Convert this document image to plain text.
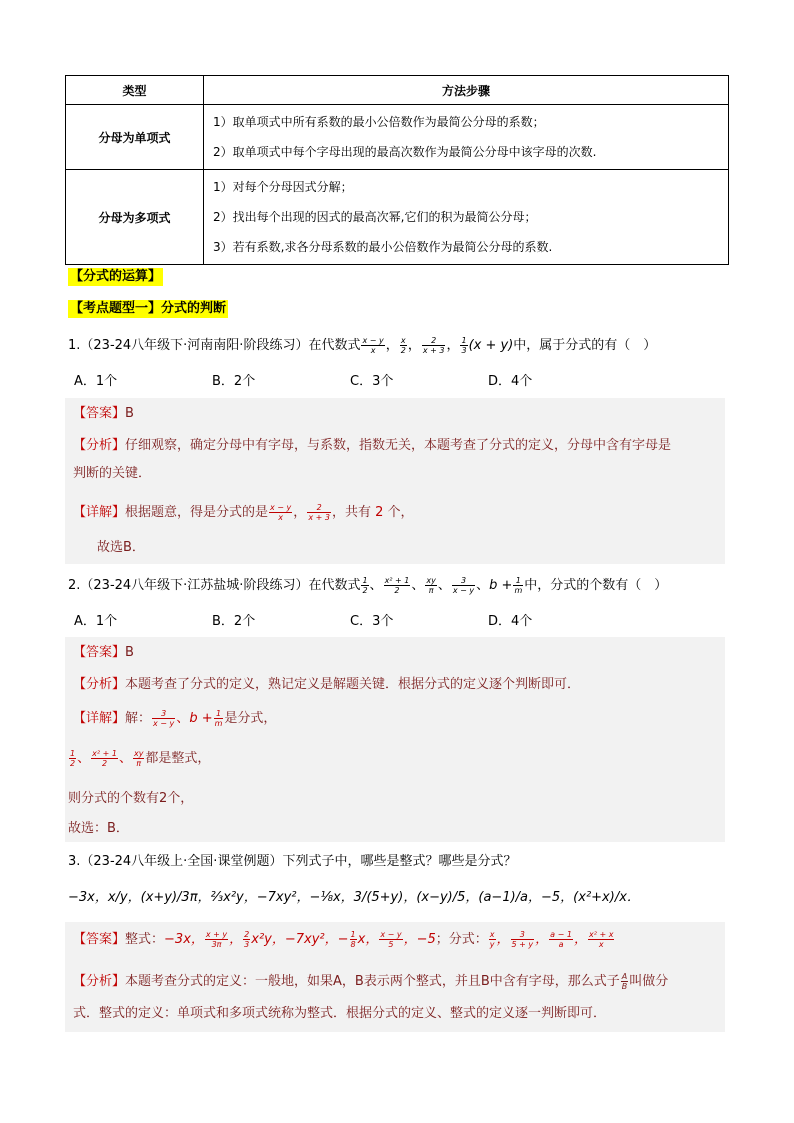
类型	方法步骤
分母为单项式	1）取单项式中所有系数的最小公倍数作为最简公分母的系数；
2）取单项式中每个字母出现的最高次数作为最简公分母中该字母的次数.

分母为多项式	1）对每个分母因式分解；
2）找出每个出现的因式的最高次幂,它们的积为最简公分母；
3）若有系数,求各分母系数的最小公倍数作为最简公分母的系数.
【分式的运算】
【考点题型一】分式的判断
1.（23-24八年级下·河南南阳·阶段练习）在代数式 $\frac{x - y}{x}$ ， $\frac{x}{2}$ ， $\frac{2}{x + 3}$ ， $\frac{1}{3} (x + y)$中，属于分式的有（　）
A．1个	B．2个	C．3个	D．4个
【答案】B
【分析】仔细观察，确定分母中有字母，与系数，指数无关，本题考查了分式的定义，分母中含有字母是
判断的关键．
【详解】根据题意，得是分式的是 $\frac{x - y}{x}$ ， $\frac{2}{x + 3}$ ，共有 2 个，
故选B．
2.（23-24八年级下·江苏盐城·阶段练习）在代数式 $\frac{1}{2}$ 、 $\frac{\text{x² + 1}}{2}$ 、 $\frac{xy}{\pi}$ 、 $\frac{3}{x - y}$ 、$b + \frac{1}{m}$ 中，分式的个数有（　）
A．1个	B．2个	C．3个	D．4个
【答案】B
【分析】本题考查了分式的定义，熟记定义是解题关键．根据分式的定义逐个判断即可．
【详解】解： $\frac{3}{x - y}$ 、$b + \frac{1}{m}$ 是分式，
$\frac{1}{2}$ 、 $\frac{\text{x² + 1}}{2}$ 、 $\frac{xy}{\pi}$ 都是整式，
则分式的个数有2个，
故选：B．
3.（23-24八年级上·全国·课堂例题）下列式子中，哪些是整式？哪些是分式？
−3x，x/y，(x+y)/3π，⅔x²y，−7xy²，−⅛x，3/(5+y)，(x−y)/5，(a−1)/a，−5，(x²+x)/x．
【答案】整式：−3x， $\frac{x + y}{3\pi}$ ， $\frac{2}{3} x^2y$，−7xy²，− $\frac{1}{8}$ x， $\frac{x - y}{5}$ ，−5；分式： $\frac{x}{y}$ ， $\frac{3}{5 + y}$ ， $\frac{a - 1}{a}$ ， $\frac{\text{x² + x}}{x}$
【分析】本题考查分式的定义：一般地，如果A，B表示两个整式，并且B中含有字母，那么式子 $\frac{A}{B}$ 叫做分
式．整式的定义：单项式和多项式统称为整式．根据分式的定义、整式的定义逐一判断即可．
